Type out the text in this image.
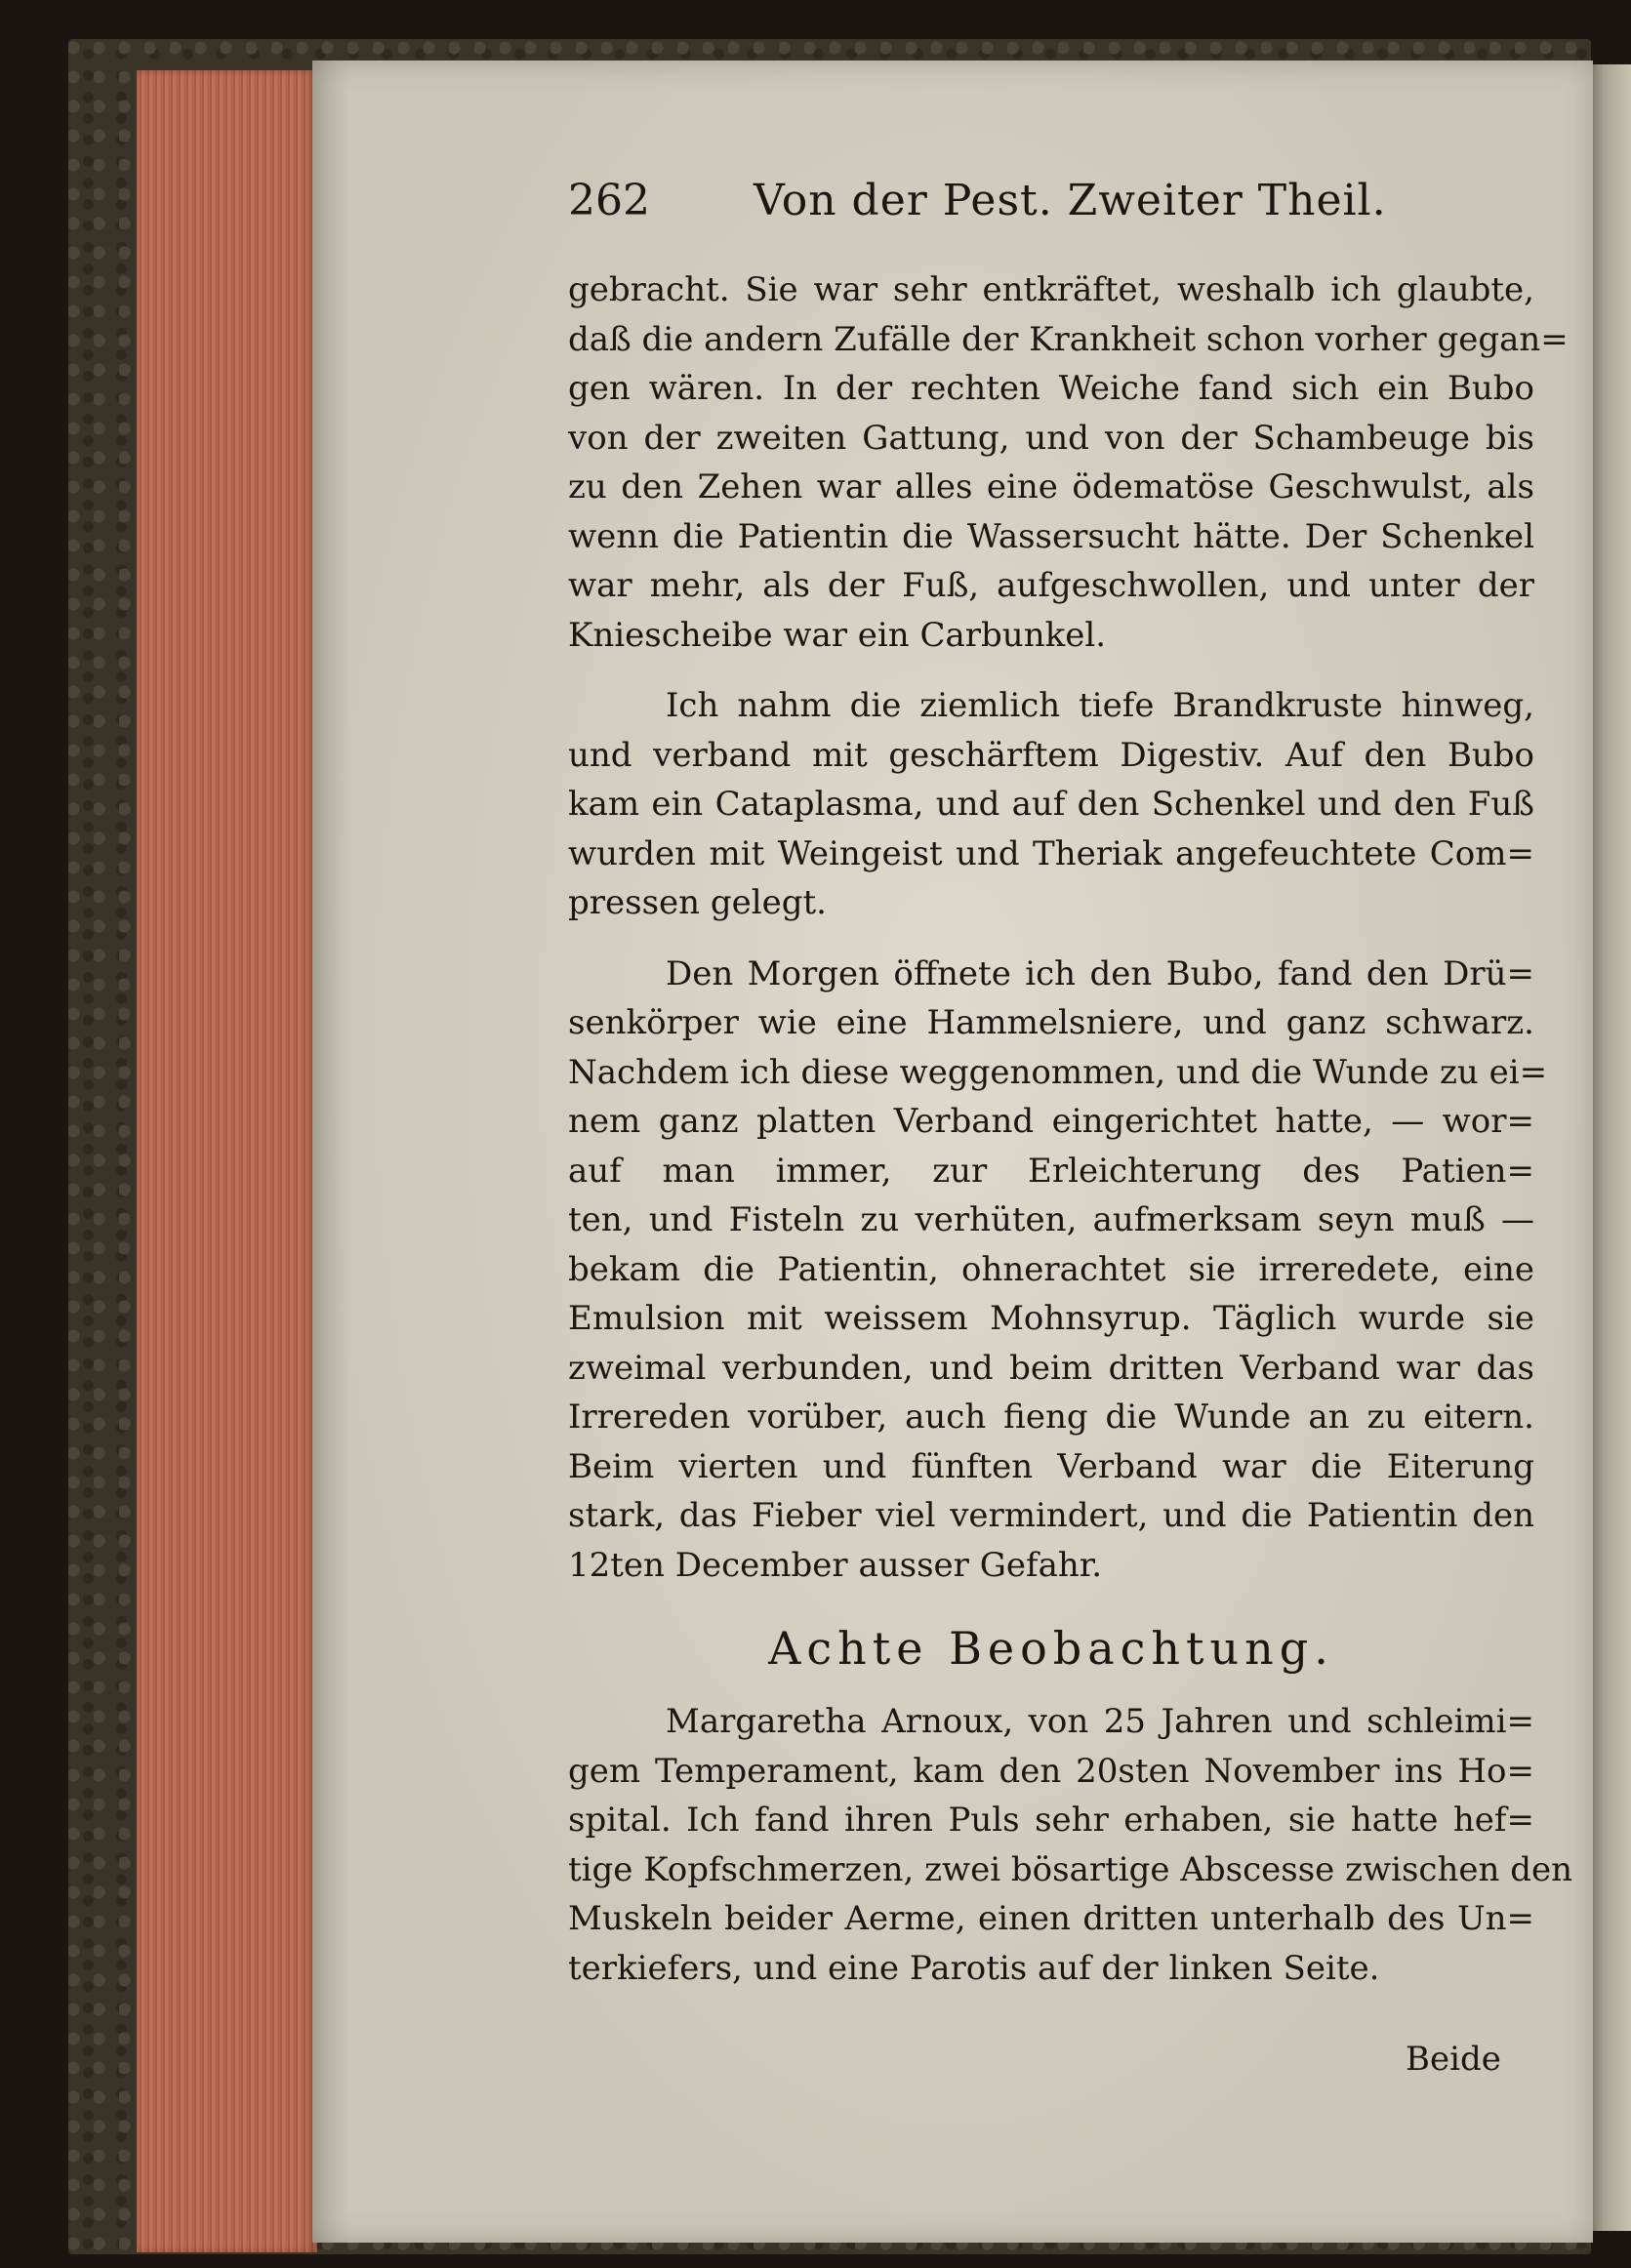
262 Von der Pest. Zweiter Theil.
gebracht. Sie war sehr entkräftet, weshalb ich glaubte,
daß die andern Zufälle der Krankheit schon vorher gegan=
gen wären. In der rechten Weiche fand sich ein Bubo
von der zweiten Gattung, und von der Schambeuge bis
zu den Zehen war alles eine ödematöse Geschwulst, als
wenn die Patientin die Wassersucht hätte. Der Schenkel
war mehr, als der Fuß, aufgeschwollen, und unter der
Kniescheibe war ein Carbunkel.
Ich nahm die ziemlich tiefe Brandkruste hinweg,
und verband mit geschärftem Digestiv. Auf den Bubo
kam ein Cataplasma, und auf den Schenkel und den Fuß
wurden mit Weingeist und Theriak angefeuchtete Com=
pressen gelegt.
Den Morgen öffnete ich den Bubo, fand den Drü=
senkörper wie eine Hammelsniere, und ganz schwarz.
Nachdem ich diese weggenommen, und die Wunde zu ei=
nem ganz platten Verband eingerichtet hatte, — wor=
auf man immer, zur Erleichterung des Patien=
ten, und Fisteln zu verhüten, aufmerksam seyn muß —
bekam die Patientin, ohnerachtet sie irreredete, eine
Emulsion mit weissem Mohnsyrup. Täglich wurde sie
zweimal verbunden, und beim dritten Verband war das
Irrereden vorüber, auch fieng die Wunde an zu eitern.
Beim vierten und fünften Verband war die Eiterung
stark, das Fieber viel vermindert, und die Patientin den
12ten December ausser Gefahr.
Achte Beobachtung.
Margaretha Arnoux, von 25 Jahren und schleimi=
gem Temperament, kam den 20sten November ins Ho=
spital. Ich fand ihren Puls sehr erhaben, sie hatte hef=
tige Kopfschmerzen, zwei bösartige Abscesse zwischen den
Muskeln beider Aerme, einen dritten unterhalb des Un=
terkiefers, und eine Parotis auf der linken Seite.
Beide
